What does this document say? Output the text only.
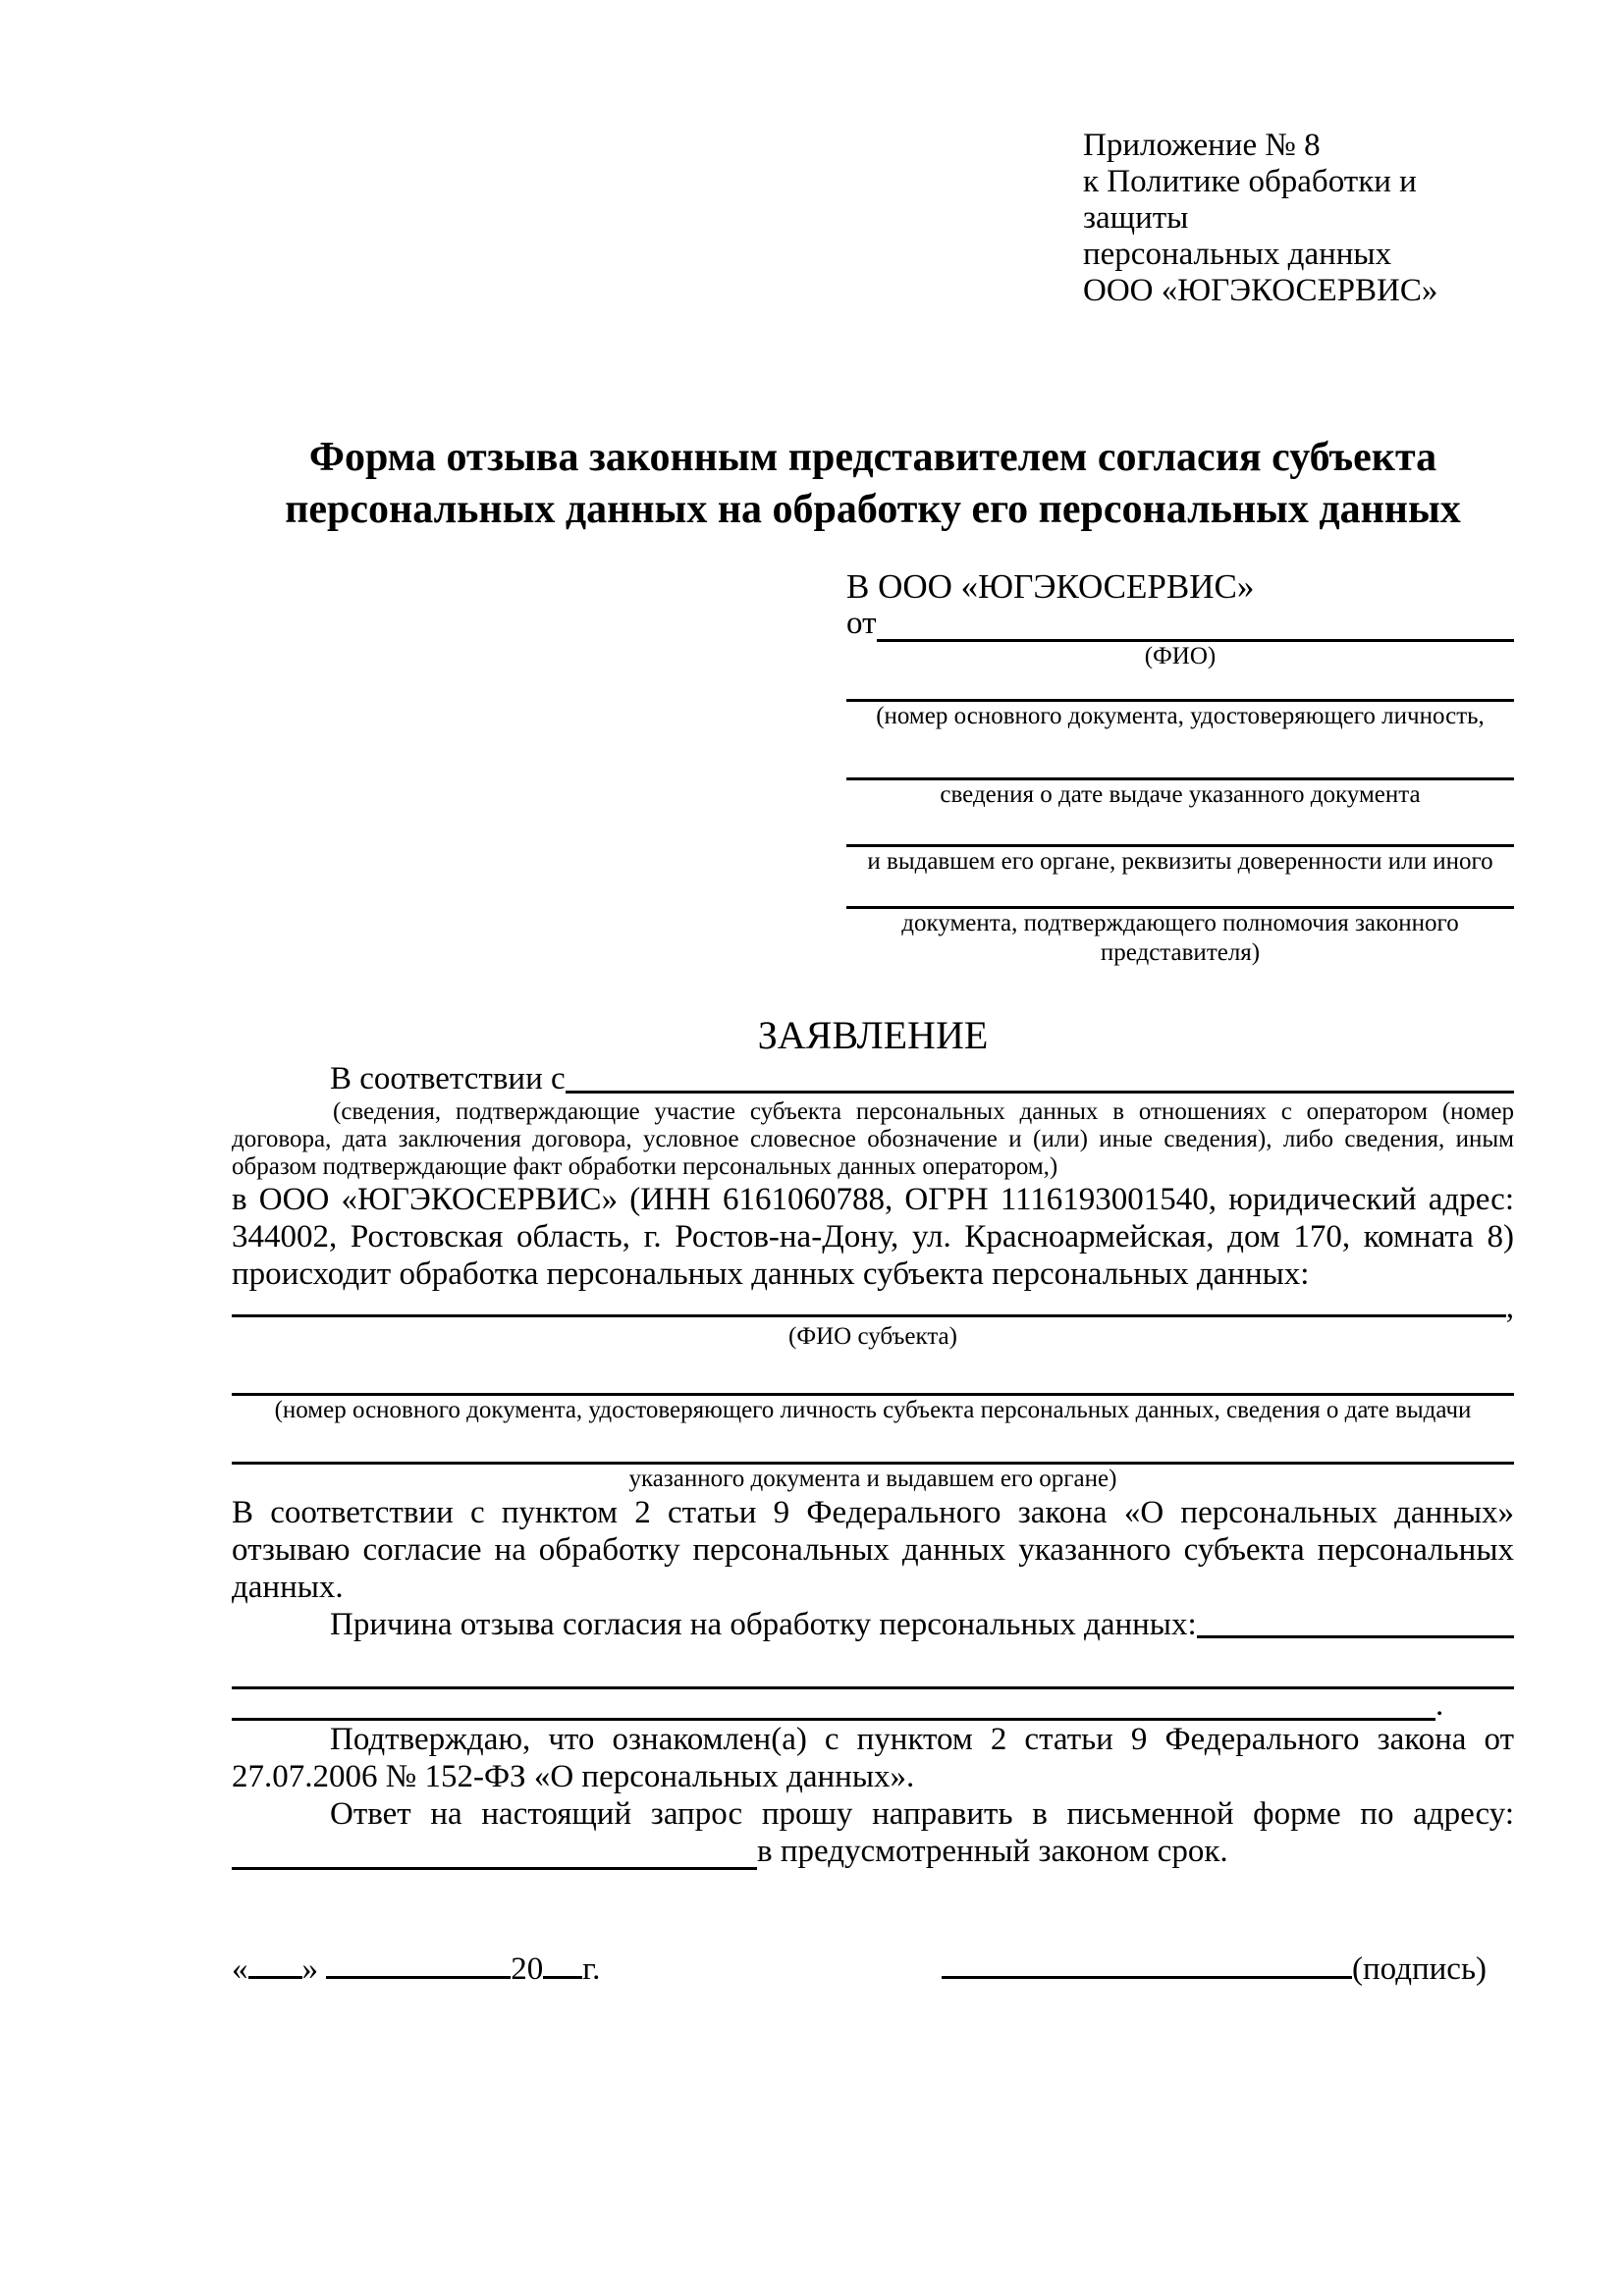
Приложение № 8
к Политике обработки и защиты
персональных данных
ООО «ЮГЭКОСЕРВИС»
Форма отзыва законным представителем согласия субъекта персональных данных на обработку его персональных данных
В ООО «ЮГЭКОСЕРВИС»
от
(ФИО)
(номер основного документа, удостоверяющего личность,
сведения о дате выдаче указанного документа
и выдавшем его органе, реквизиты доверенности или иного
документа, подтверждающего полномочия законного представителя)
ЗАЯВЛЕНИЕ
В соответствии с
(сведения, подтверждающие участие субъекта персональных данных в отношениях с оператором (номер договора, дата заключения договора, условное словесное обозначение и (или) иные сведения), либо сведения, иным образом подтверждающие факт обработки персональных данных оператором,)
в ООО «ЮГЭКОСЕРВИС» (ИНН 6161060788, ОГРН 1116193001540, юридический адрес: 344002, Ростовская область, г. Ростов-на-Дону, ул. Красноармейская, дом 170, комната 8) происходит обработка персональных данных субъекта персональных данных:
,
(ФИО субъекта)
(номер основного документа, удостоверяющего личность субъекта персональных данных, сведения о дате выдачи
указанного документа и выдавшем его органе)
В соответствии с пунктом 2 статьи 9 Федерального закона «О персональных данных» отзываю согласие на обработку персональных данных указанного субъекта персональных данных.
Причина отзыва согласия на обработку персональных данных:
.
Подтверждаю, что ознакомлен(а) с пунктом 2 статьи 9 Федерального закона от 27.07.2006 № 152-ФЗ «О персональных данных».
Ответ на настоящий запрос прошу направить в письменной форме по адресу:
в предусмотренный законом срок.
« »	20 г.	(подпись)
